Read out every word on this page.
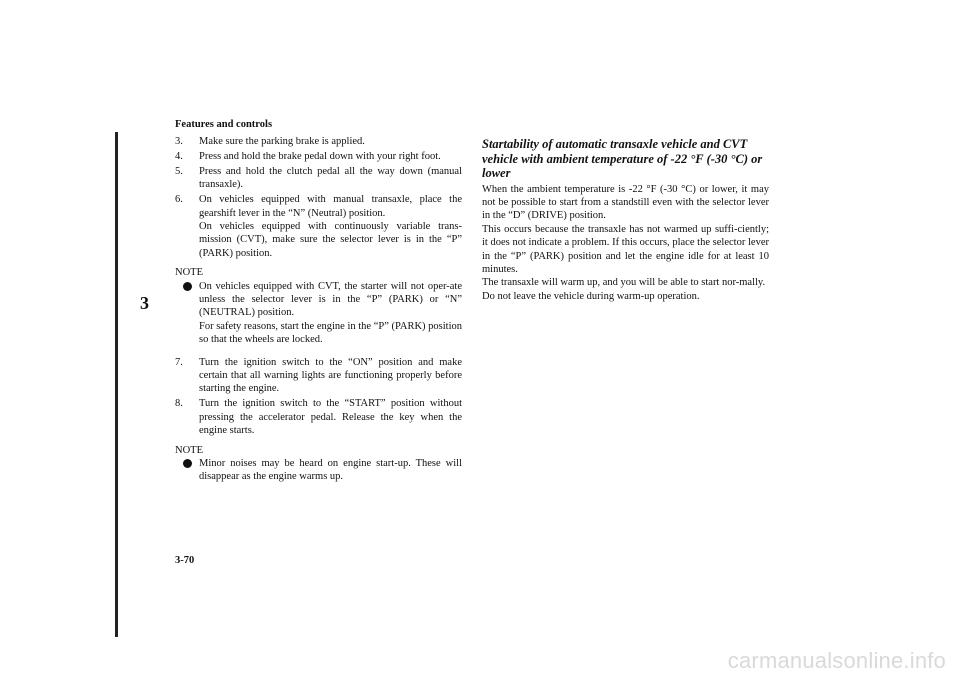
Features and controls
3
3. Make sure the parking brake is applied.
4. Press and hold the brake pedal down with your right foot.
5. Press and hold the clutch pedal all the way down (manual transaxle).
6. On vehicles equipped with manual transaxle, place the gearshift lever in the “N” (Neutral) position.
On vehicles equipped with continuously variable trans-mission (CVT), make sure the selector lever is in the “P” (PARK) position.
NOTE
On vehicles equipped with CVT, the starter will not oper-ate unless the selector lever is in the “P” (PARK) or “N” (NEUTRAL) position.
For safety reasons, start the engine in the “P” (PARK) position so that the wheels are locked.
7. Turn the ignition switch to the “ON” position and make certain that all warning lights are functioning properly before starting the engine.
8. Turn the ignition switch to the “START” position without pressing the accelerator pedal. Release the key when the engine starts.
NOTE
Minor noises may be heard on engine start-up. These will disappear as the engine warms up.
Startability of automatic transaxle vehicle and CVT vehicle with ambient temperature of -22 °F (-30 °C) or lower
When the ambient temperature is -22 °F (-30 °C) or lower, it may not be possible to start from a standstill even with the selector lever in the “D” (DRIVE) position.
This occurs because the transaxle has not warmed up suffi-ciently; it does not indicate a problem. If this occurs, place the selector lever in the “P” (PARK) position and let the engine idle for at least 10 minutes.
The transaxle will warm up, and you will be able to start nor-mally.
Do not leave the vehicle during warm-up operation.
3-70
carmanualsonline.info
